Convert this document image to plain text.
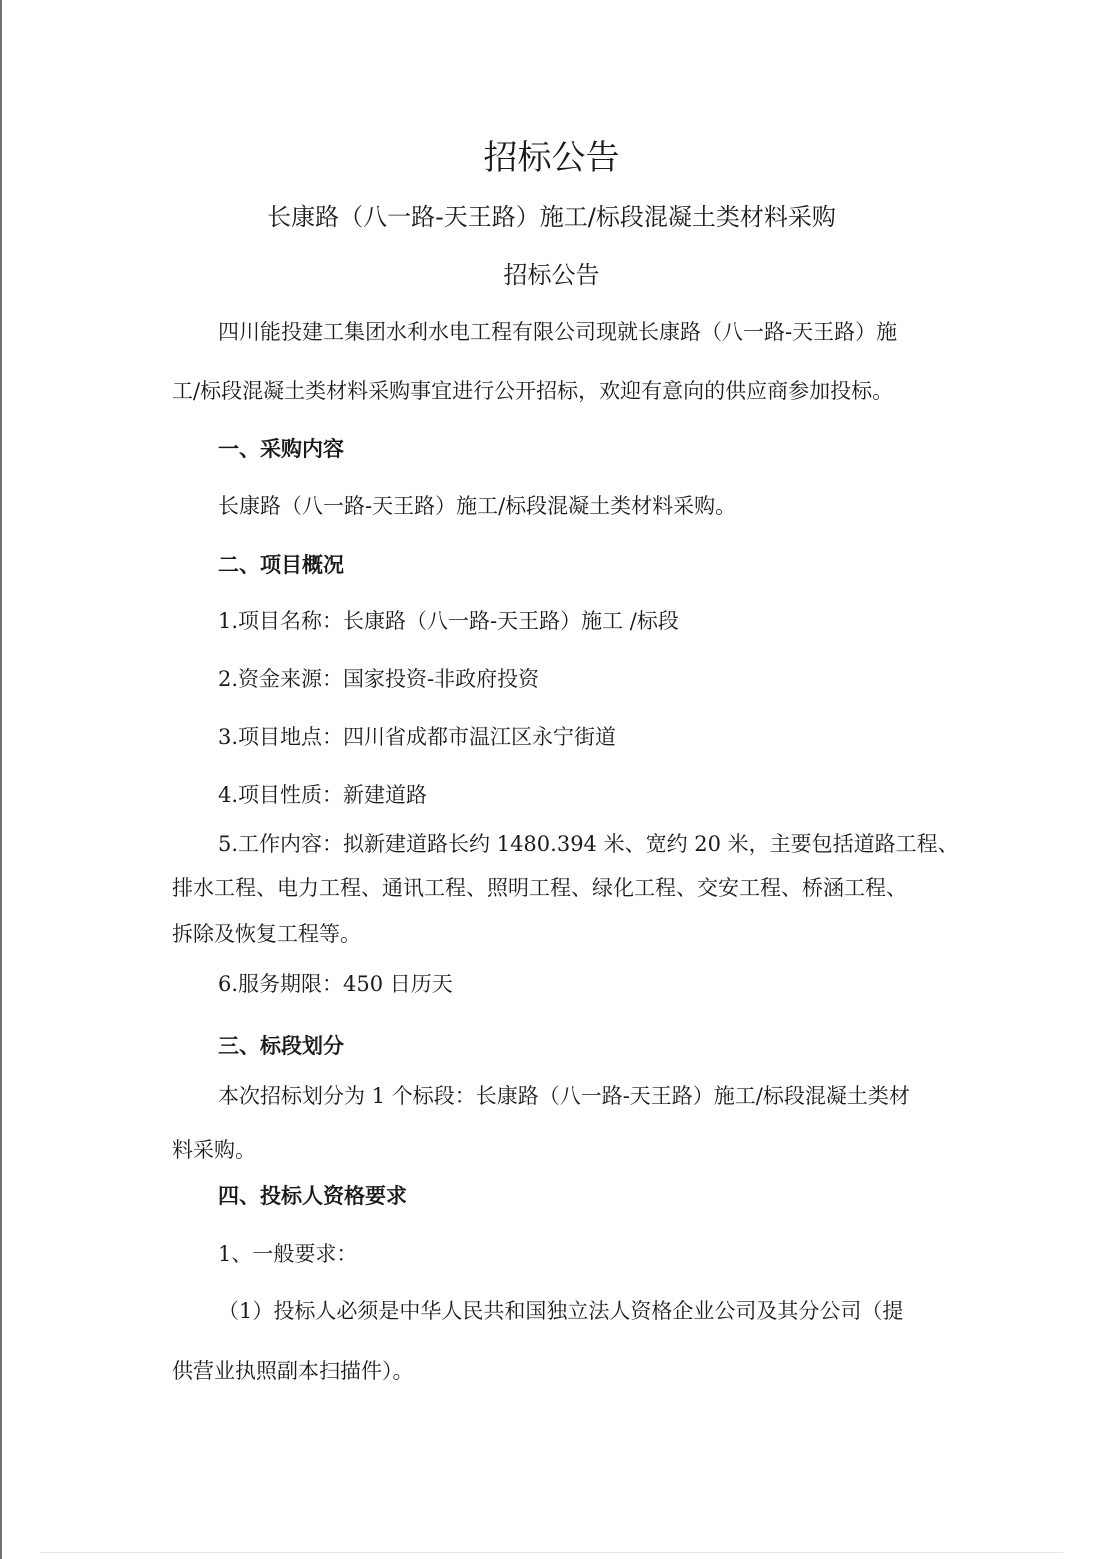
招标公告
长康路（八一路-天王路）施工/标段混凝土类材料采购
招标公告
四川能投建工集团水利水电工程有限公司现就长康路（八一路-天王路）施
工/标段混凝土类材料采购事宜进行公开招标，欢迎有意向的供应商参加投标。
一、采购内容
长康路（八一路-天王路）施工/标段混凝土类材料采购。
二、项目概况
1.项目名称：长康路（八一路-天王路）施工 /标段
2.资金来源：国家投资-非政府投资
3.项目地点：四川省成都市温江区永宁街道
4.项目性质：新建道路
5.工作内容：拟新建道路长约 1480.394 米、宽约 20 米，主要包括道路工程、
排水工程、电力工程、通讯工程、照明工程、绿化工程、交安工程、桥涵工程、
拆除及恢复工程等。
6.服务期限：450 日历天
三、标段划分
本次招标划分为 1 个标段：长康路（八一路-天王路）施工/标段混凝土类材
料采购。
四、投标人资格要求
1、一般要求：
（1）投标人必须是中华人民共和国独立法人资格企业公司及其分公司（提
供营业执照副本扫描件）。
